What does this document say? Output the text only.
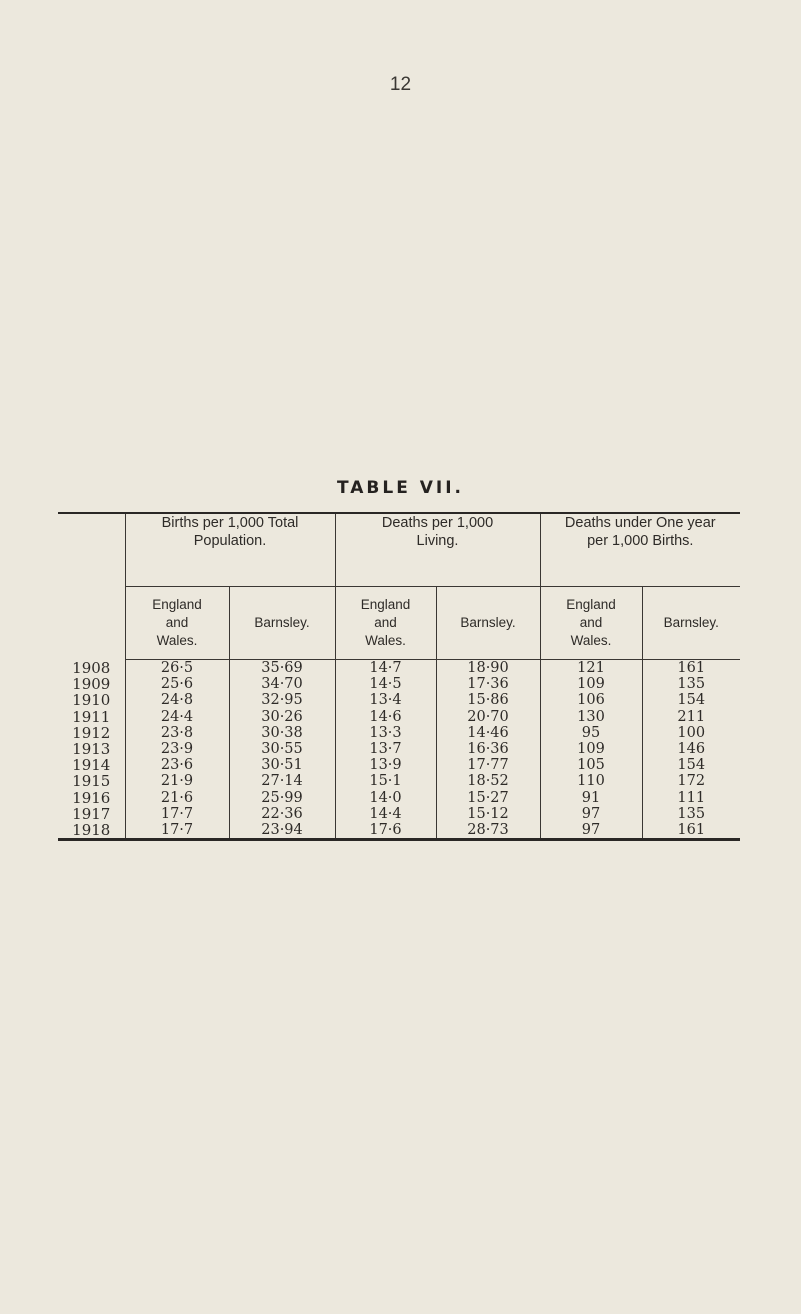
12
TABLE VII.
	Births per 1,000 Total
Population.		Deaths per 1,000
Living.		Deaths under One year
per 1,000 Births.	

	England
and
Wales.	Barnsley.	England
and
Wales.	Barnsley.	England
and
Wales.	Barnsley.

1908	26·5	35·69	14·7	18·90	121	161
1909	25·6	34·70	14·5	17·36	109	135
1910	24·8	32·95	13·4	15·86	106	154
1911	24·4	30·26	14·6	20·70	130	211
1912	23·8	30·38	13·3	14·46	95	100
1913	23·9	30·55	13·7	16·36	109	146
1914	23·6	30·51	13·9	17·77	105	154
1915	21·9	27·14	15·1	18·52	110	172
1916	21·6	25·99	14·0	15·27	91	111
1917	17·7	22·36	14·4	15·12	97	135
1918	17·7	23·94	17·6	28·73	97	161
